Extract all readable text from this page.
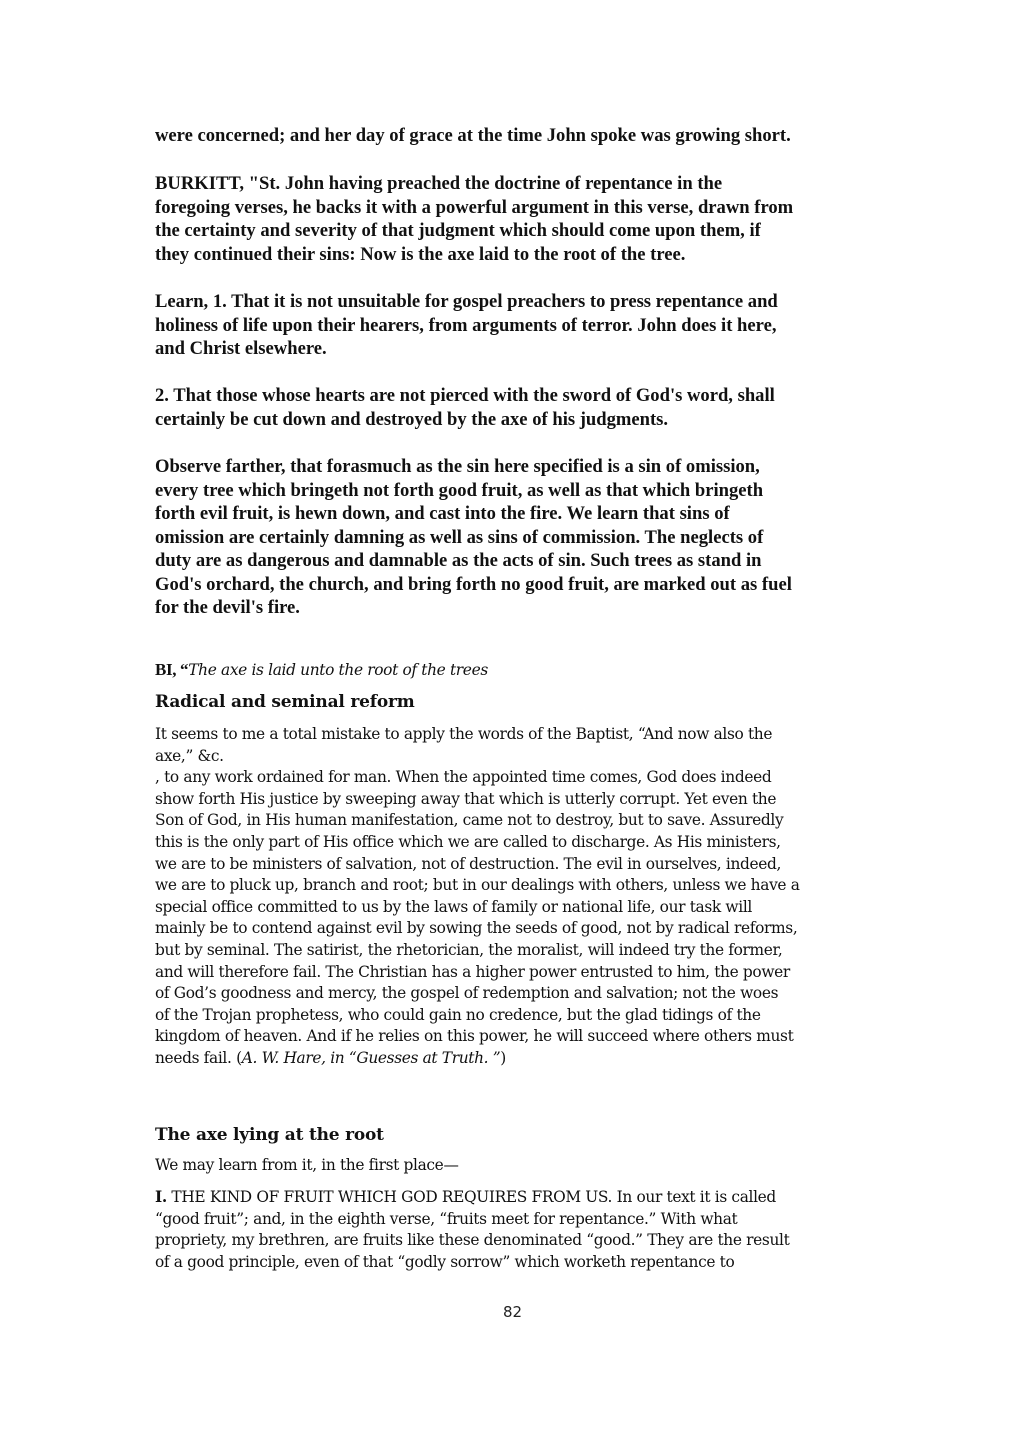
were concerned; and her day of grace at the time John spoke was growing short.

BURKITT, "St. John having preached the doctrine of repentance in the
foregoing verses, he backs it with a powerful argument in this verse, drawn from
the certainty and severity of that judgment which should come upon them, if
they continued their sins: Now is the axe laid to the root of the tree.

Learn, 1. That it is not unsuitable for gospel preachers to press repentance and
holiness of life upon their hearers, from arguments of terror. John does it here,
and Christ elsewhere.

2. That those whose hearts are not pierced with the sword of God's word, shall
certainly be cut down and destroyed by the axe of his judgments.

Observe farther, that forasmuch as the sin here specified is a sin of omission,
every tree which bringeth not forth good fruit, as well as that which bringeth
forth evil fruit, is hewn down, and cast into the fire. We learn that sins of
omission are certainly damning as well as sins of commission. The neglects of
duty are as dangerous and damnable as the acts of sin. Such trees as stand in
God's orchard, the church, and bring forth no good fruit, are marked out as fuel
for the devil's fire.

BI, “The axe is laid unto the root of the trees

Radical and seminal reform

It seems to me a total mistake to apply the words of the Baptist, “And now also the
axe,” &c.
, to any work ordained for man. When the appointed time comes, God does indeed
show forth His justice by sweeping away that which is utterly corrupt. Yet even the
Son of God, in His human manifestation, came not to destroy, but to save. Assuredly
this is the only part of His office which we are called to discharge. As His ministers,
we are to be ministers of salvation, not of destruction. The evil in ourselves, indeed,
we are to pluck up, branch and root; but in our dealings with others, unless we have a
special office committed to us by the laws of family or national life, our task will
mainly be to contend against evil by sowing the seeds of good, not by radical reforms,
but by seminal. The satirist, the rhetorician, the moralist, will indeed try the former,
and will therefore fail. The Christian has a higher power entrusted to him, the power
of God’s goodness and mercy, the gospel of redemption and salvation; not the woes
of the Trojan prophetess, who could gain no credence, but the glad tidings of the
kingdom of heaven. And if he relies on this power, he will succeed where others must
needs fail. (A. W. Hare, in “Guesses at Truth. ”)

The axe lying at the root

We may learn from it, in the first place—

I. THE KIND OF FRUIT WHICH GOD REQUIRES FROM US. In our text it is called
“good fruit”; and, in the eighth verse, “fruits meet for repentance.” With what
propriety, my brethren, are fruits like these denominated “good.” They are the result
of a good principle, even of that “godly sorrow” which worketh repentance to

82
